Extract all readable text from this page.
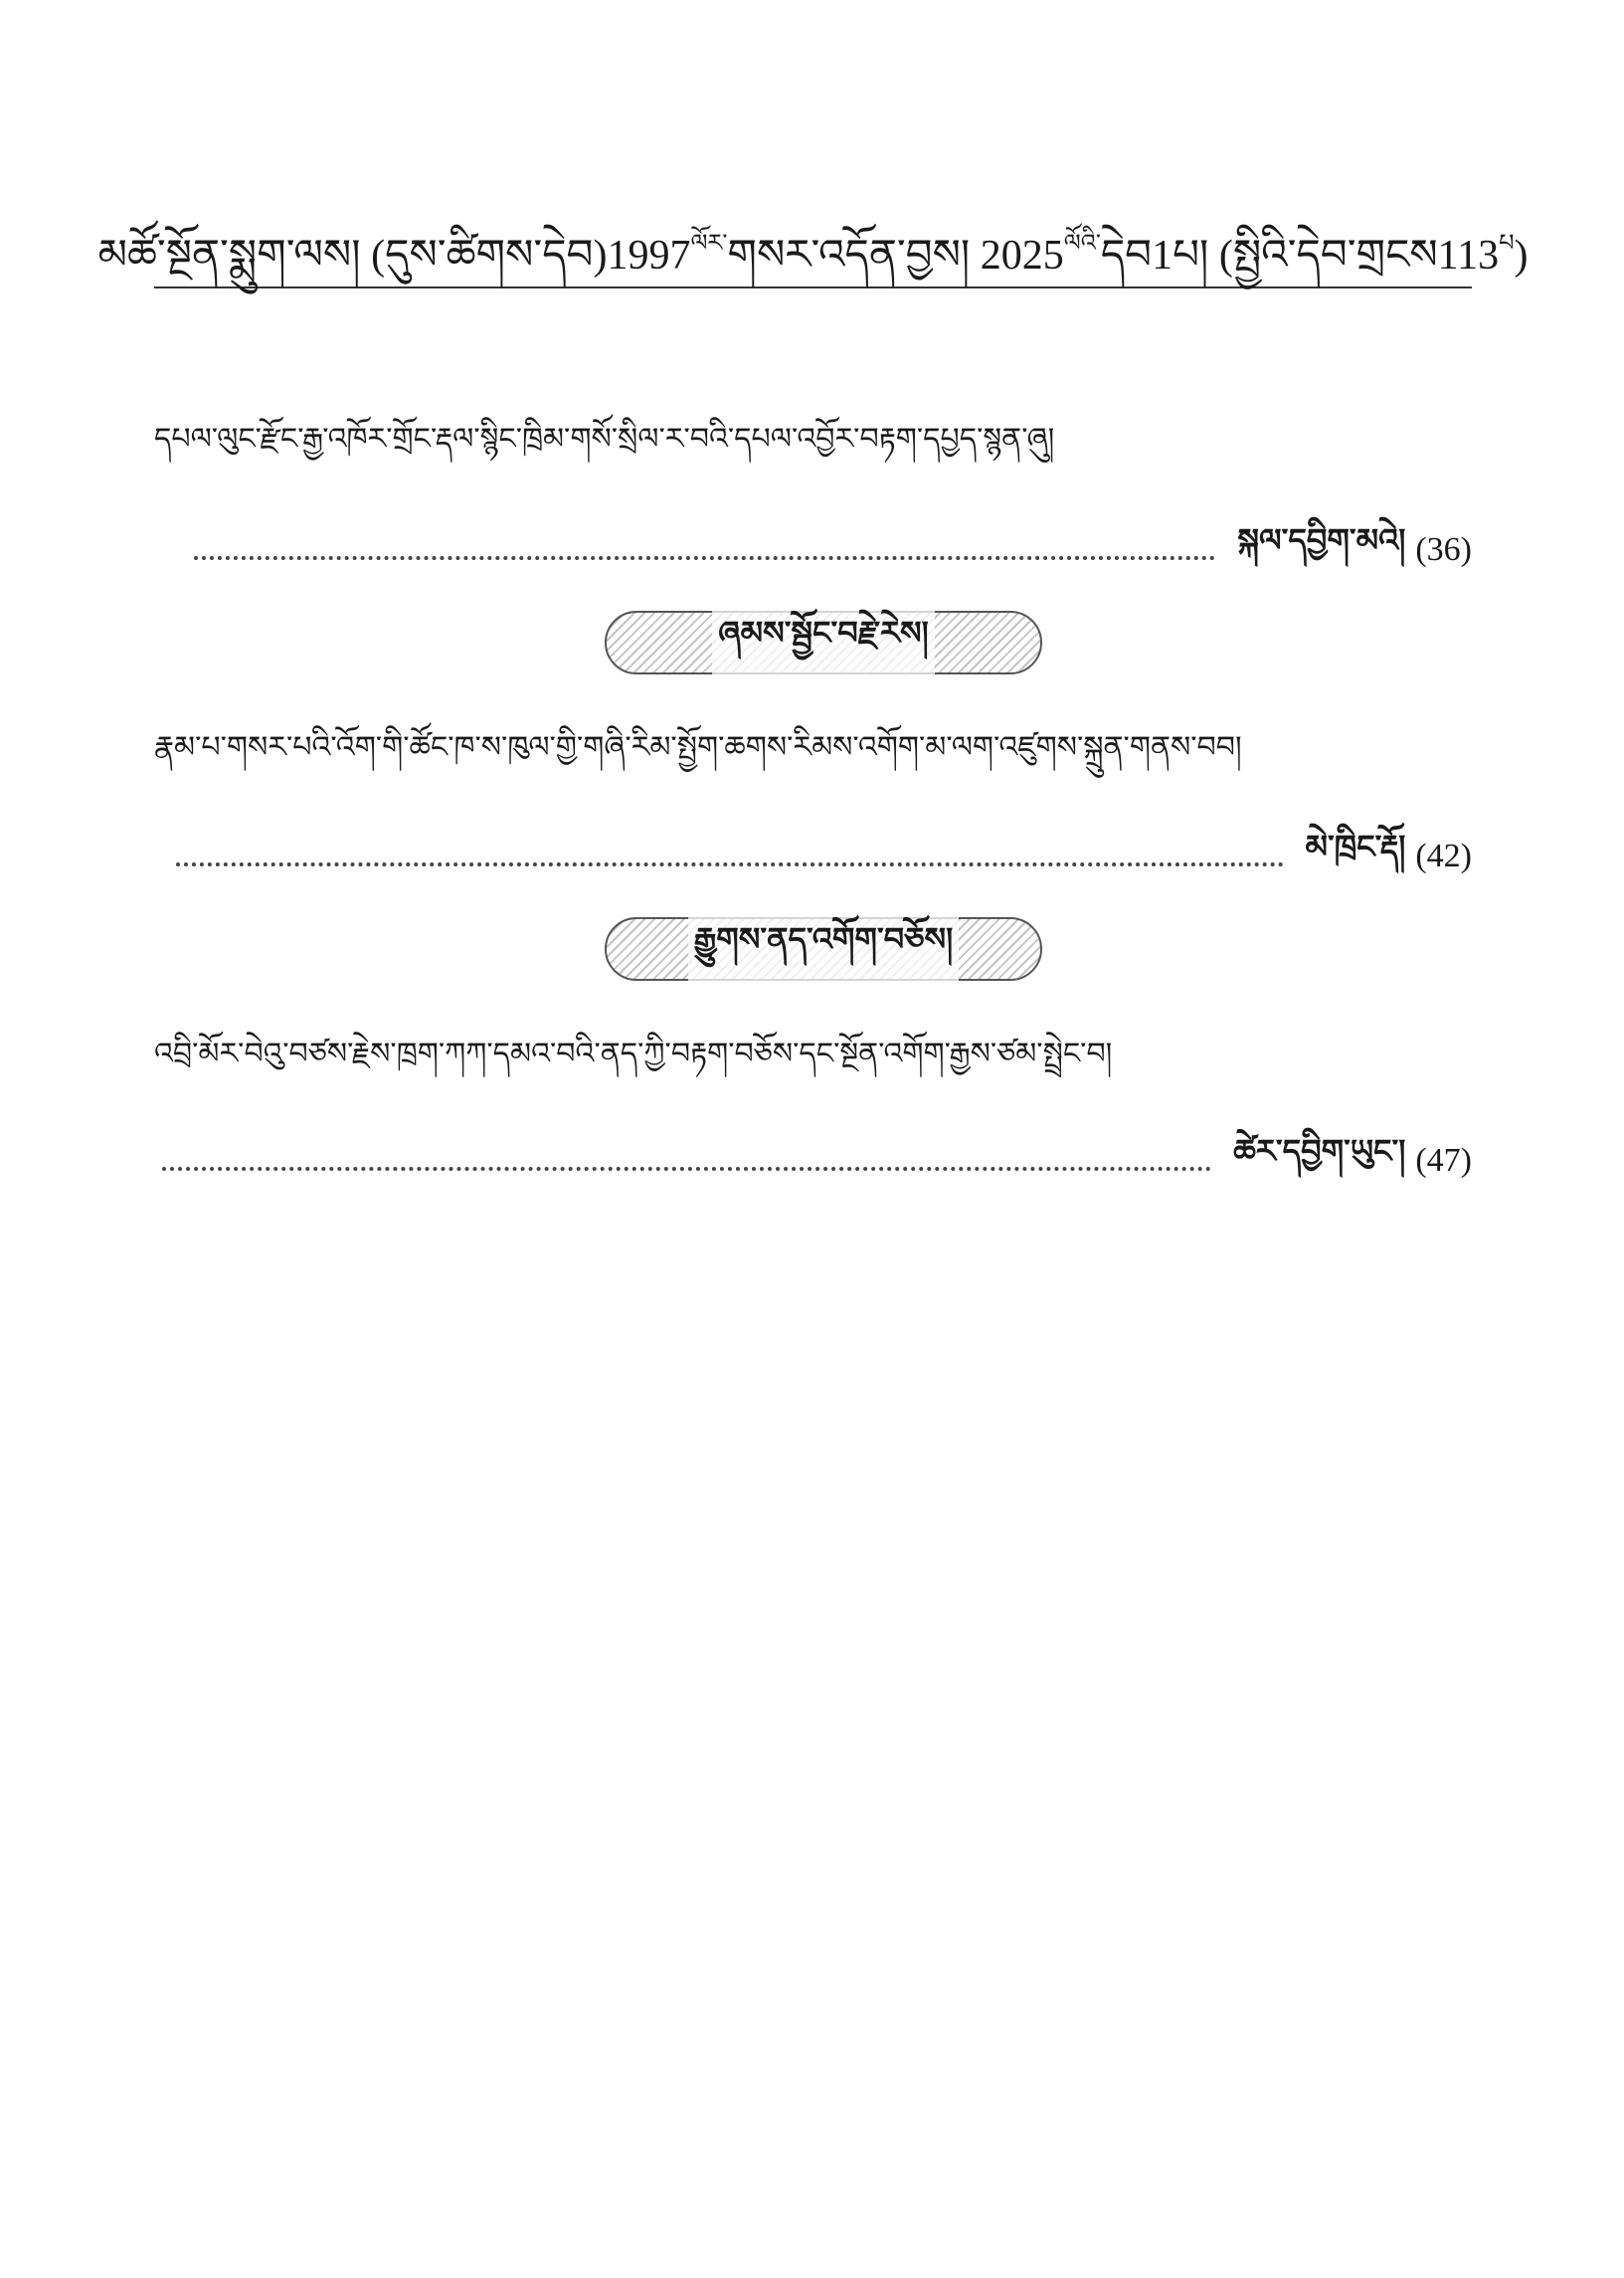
མཚོ་སྔོན་སྨུག་ལས། $(དུས་ཚིགས་དེབ)1997^{ལོར་}གསར་འདོན་བྱས།$ $2025^{ལོའི་}དེབ1པ།$ $(སྤྱིའི་དེབ་གྲངས113^པ)$
དཔལ་ལུང་རྫོང་རྒྱ་འཁོར་གྲོང་རྡལ་སྙིང་ཁྲིམ་གསོ་སྲིལ་ར་བའི་དཔལ་འབྱོར་བརྟག་དཔྱད་སྙན་ཞུ།
སྐལ་དབྱིག་མའེ། (36)
ཞམས་སྦྱོང་བརྗེ་རེས།
རྣམ་པ་གསར་པའི་འོག་གི་ཚོང་ཁ་ས་ཁུལ་གྱི་གཞི་རིམ་སྤྱོག་ཆགས་རིམས་འགོག་མ་ལག་འཛུགས་སྐྲུན་གནས་བབ།
མེ་ཁྲིང་རྡོ། (42)
རྒྱུགས་ནད་འགོག་བཅོས།
འབྲི་མོར་བེའུ་བཙས་རྗེས་ཁྲག་ཀཀ་དམའ་བའི་ནད་ཀྱི་བརྟག་བཅོས་དང་སྔོན་འགོག་རྒྱས་ཙམ་སྤྲེང་བ།
ཚེར་དབྱིག་ཡུང་། (47)
